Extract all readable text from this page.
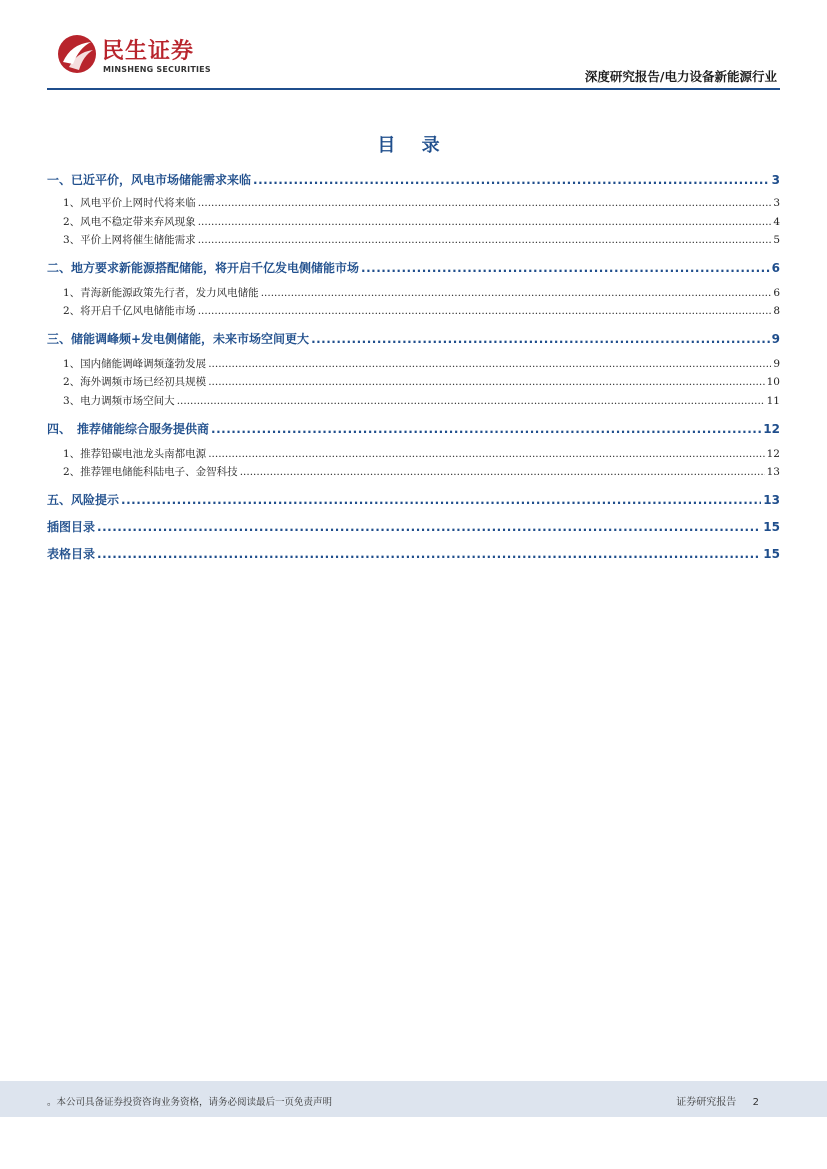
民生证券
MINSHENG SECURITIES	深度研究报告/电力设备新能源行业
目 录
一、已近平价，风电市场储能需求来临 .....	3
1、风电平价上网时代将来临 .....	3
2、风电不稳定带来弃风现象 .....	4
3、平价上网将催生储能需求 .....	5
二、地方要求新能源搭配储能，将开启千亿发电侧储能市场 .....	6
1、青海新能源政策先行者，发力风电储能 .....	6
2、将开启千亿风电储能市场 .....	8
三、储能调峰频+发电侧储能，未来市场空间更大 .....	9
1、国内储能调峰调频蓬勃发展 .....	9
2、海外调频市场已经初具规模 .....	10
3、电力调频市场空间大 .....	11
四、　推荐储能综合服务提供商 .....	12
1、推荐铅碳电池龙头南都电源 .....	12
2、推荐锂电储能科陆电子、金智科技 .....	13
五、风险提示 .....	13
插图目录 .....	15
表格目录 .....	15
。本公司具备证券投资咨询业务资格，请务必阅读最后一页免责声明	证券研究报告 2
